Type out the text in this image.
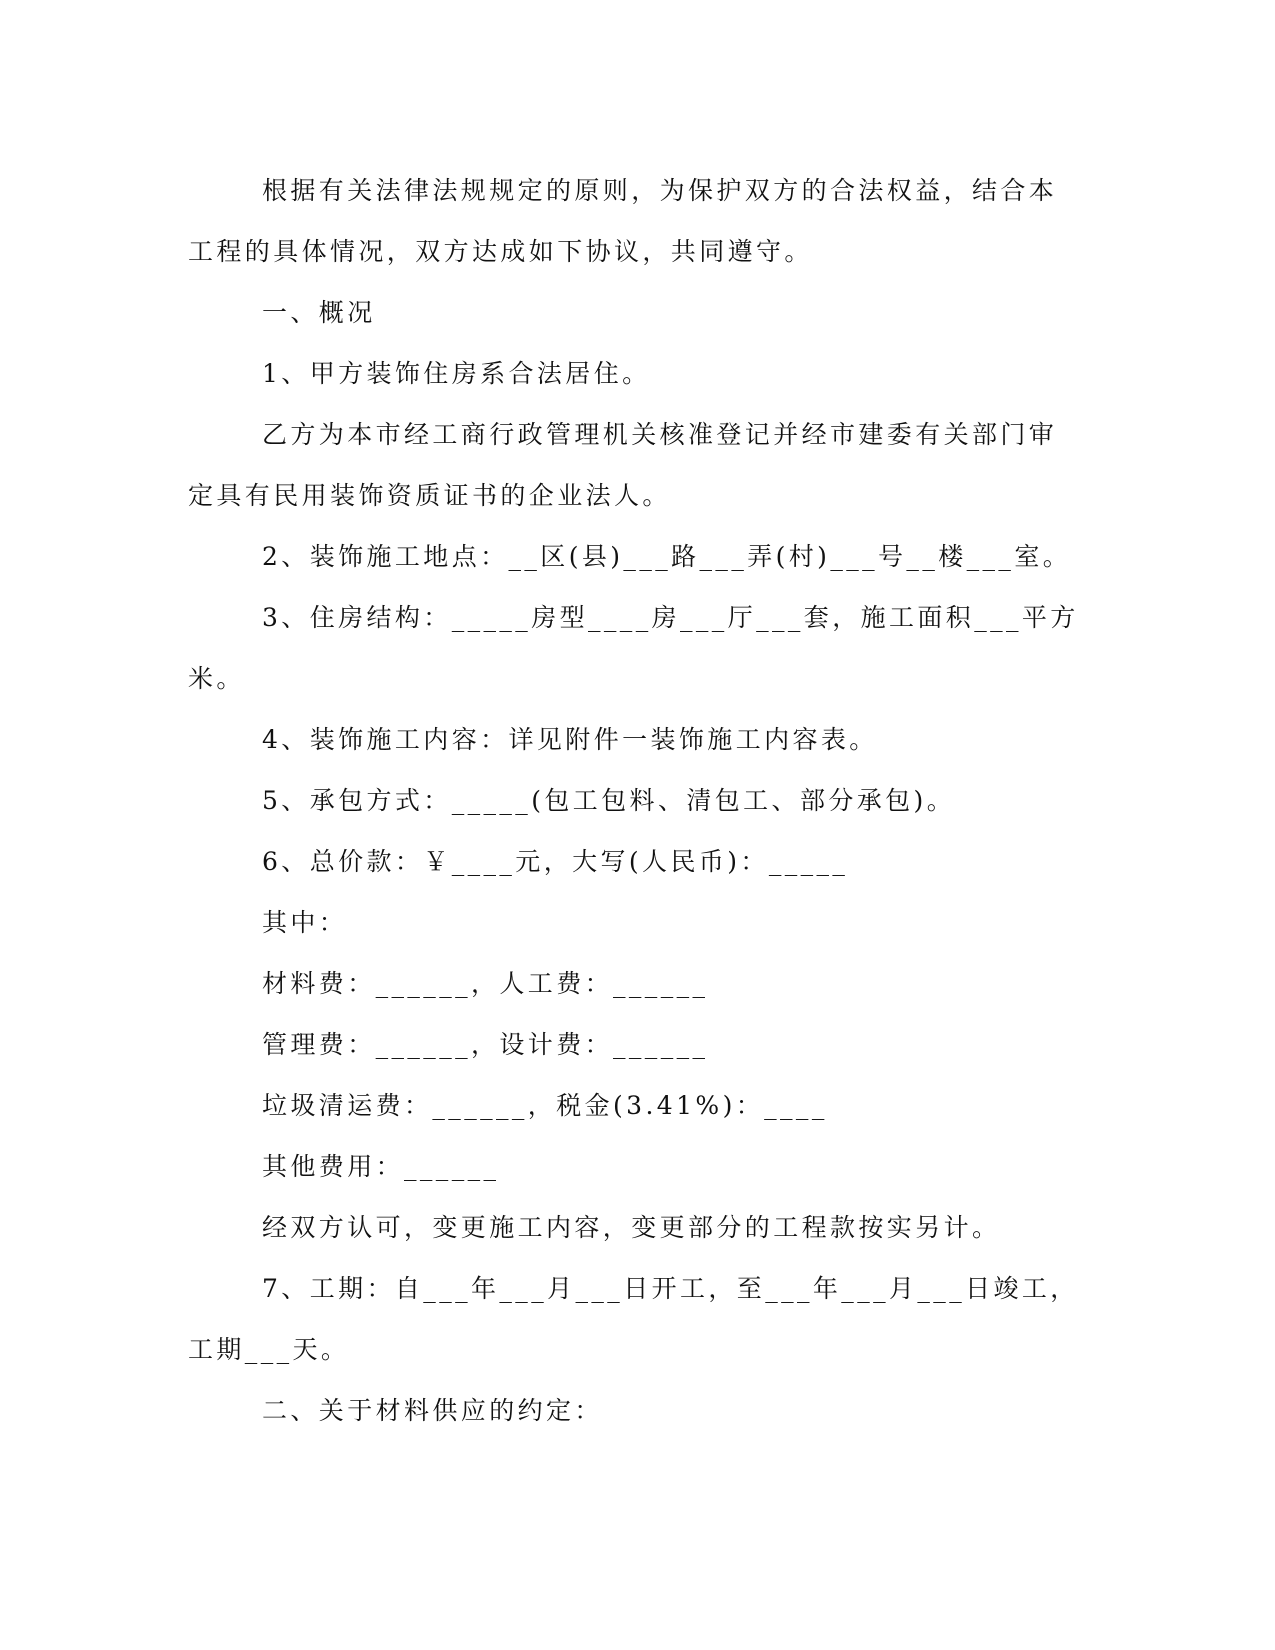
根据有关法律法规规定的原则，为保护双方的合法权益，结合本

工程的具体情况，双方达成如下协议，共同遵守。

一、概况

1、甲方装饰住房系合法居住。

乙方为本市经工商行政管理机关核准登记并经市建委有关部门审

定具有民用装饰资质证书的企业法人。

2、装饰施工地点：__区(县)___路___弄(村)___号__楼___室。

3、住房结构：_____房型____房___厅___套，施工面积___平方

米。

4、装饰施工内容：详见附件一装饰施工内容表。

5、承包方式：_____(包工包料、清包工、部分承包)。

6、总价款：￥____元，大写(人民币)：_____

其中：

材料费：______，人工费：______

管理费：______，设计费：______

垃圾清运费：______，税金(3.41%)：____

其他费用：______

经双方认可，变更施工内容，变更部分的工程款按实另计。

7、工期：自___年___月___日开工，至___年___月___日竣工，

工期___天。

二、关于材料供应的约定：
